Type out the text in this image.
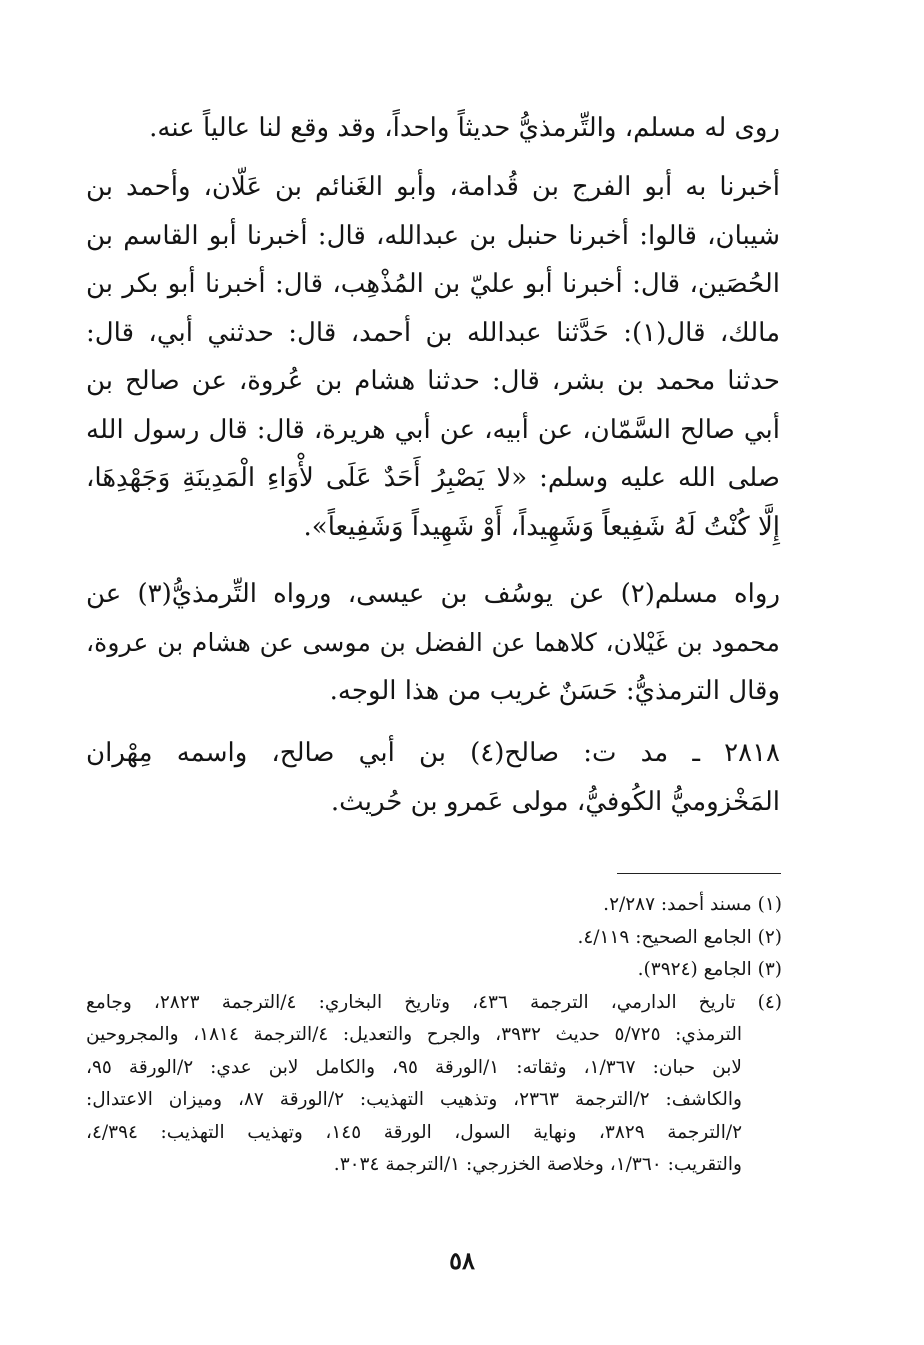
روى له مسلم، والتِّرمذيُّ حديثاً واحداً، وقد وقع لنا عالياً عنه.
أخبرنا به أبو الفرج بن قُدامة، وأبو الغَنائم بن عَلّان، وأحمد بن
شيبان، قالوا: أخبرنا حنبل بن عبدالله، قال: أخبرنا أبو القاسم بن
الحُصَين، قال: أخبرنا أبو عليّ بن المُذْهِب، قال: أخبرنا أبو بكر بن
مالك، قال(١): حَدَّثنا عبدالله بن أحمد، قال: حدثني أبي، قال:
حدثنا محمد بن بشر، قال: حدثنا هشام بن عُروة، عن صالح بن
أبي صالح السَّمّان، عن أبيه، عن أبي هريرة، قال: قال رسول الله
صلى الله عليه وسلم: «لا يَصْبِرُ أَحَدٌ عَلَى لأْوَاءِ الْمَدِينَةِ وَجَهْدِهَا،
إِلَّا كُنْتُ لَهُ شَفِيعاً وَشَهِيداً، أَوْ شَهِيداً وَشَفِيعاً».
رواه مسلم(٢) عن يوسُف بن عيسى، ورواه التِّرمذيُّ(٣) عن
محمود بن غَيْلان، كلاهما عن الفضل بن موسى عن هشام بن عروة،
وقال الترمذيُّ: حَسَنٌ غريب من هذا الوجه.
٢٨١٨ ـ مد ت: صالح(٤) بن أبي صالح، واسمه مِهْران
المَخْزوميُّ الكُوفيُّ، مولى عَمرو بن حُريث.
(١) مسند أحمد: ٢/٢٨٧.
(٢) الجامع الصحيح: ٤/١١٩.
(٣) الجامع (٣٩٢٤).
(٤) تاريخ الدارمي، الترجمة ٤٣٦، وتاريخ البخاري: ٤/الترجمة ٢٨٢٣، وجامع
الترمذي: ٥/٧٢٥ حديث ٣٩٣٢، والجرح والتعديل: ٤/الترجمة ١٨١٤، والمجروحين
لابن حبان: ١/٣٦٧، وثقاته: ١/الورقة ٩٥، والكامل لابن عدي: ٢/الورقة ٩٥،
والكاشف: ٢/الترجمة ٢٣٦٣، وتذهيب التهذيب: ٢/الورقة ٨٧، وميزان الاعتدال:
٢/الترجمة ٣٨٢٩، ونهاية السول، الورقة ١٤٥، وتهذيب التهذيب: ٤/٣٩٤،
والتقريب: ١/٣٦٠، وخلاصة الخزرجي: ١/الترجمة ٣٠٣٤.
٥٨
